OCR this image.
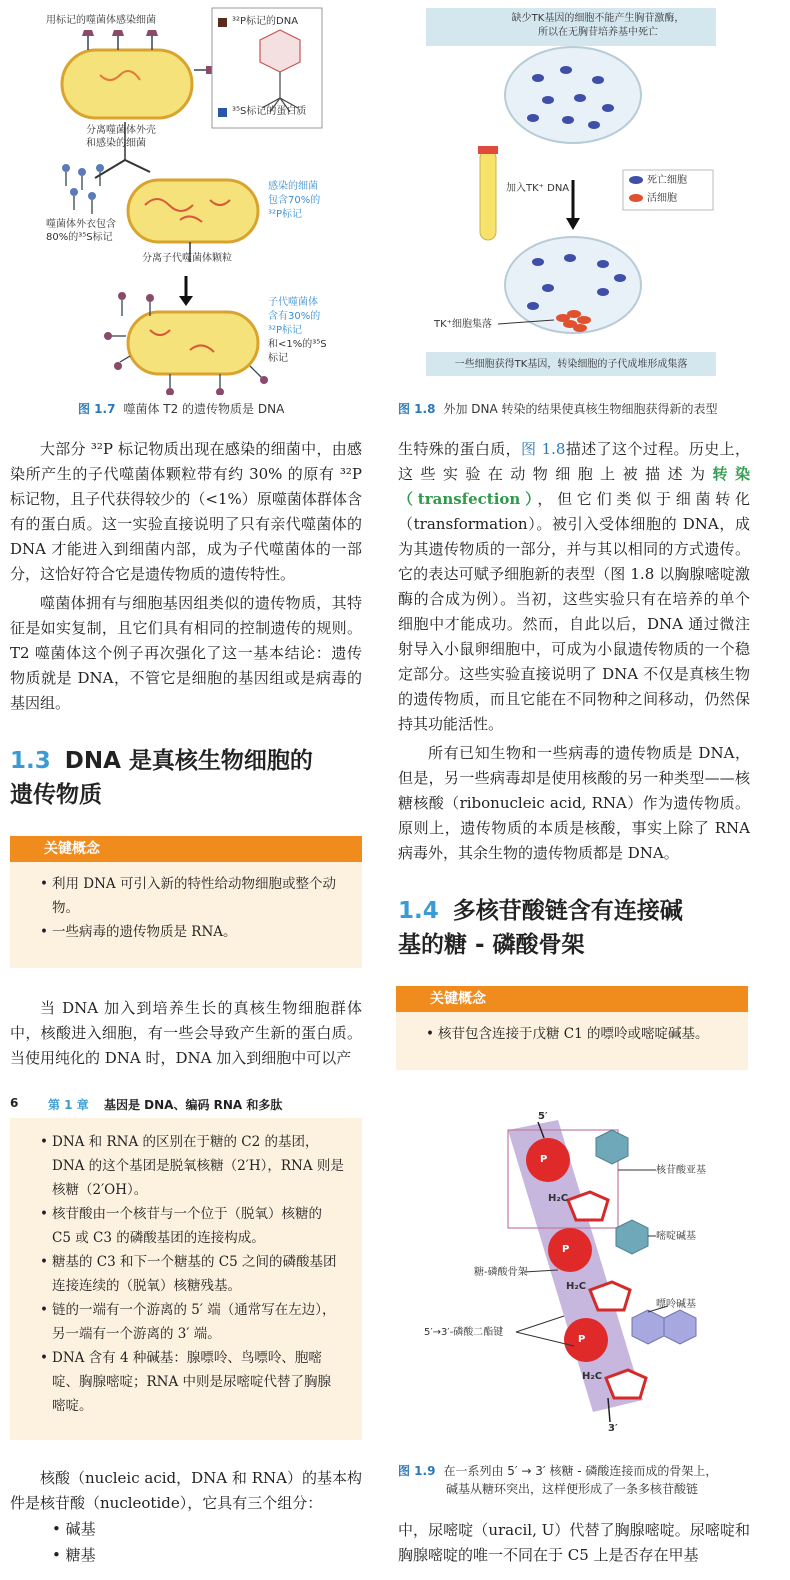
用标记的噬菌体感染细菌	³²P标记的DNA
³⁵S标记的蛋白质
分离噬菌体外壳
和感染的细菌
噬菌体外衣包含
80%的³⁵S标记
感染的细菌
包含70%的
³²P标记
分离子代噬菌体颗粒
子代噬菌体
含有30%的
³²P标记
和<1%的³⁵S
标记
图 1.7 噬菌体 T2 的遗传物质是 DNA
缺少TK基因的细胞不能产生胸苷激酶，
所以在无胸苷培养基中死亡
加入TK⁺ DNA
死亡细胞
活细胞
TK⁺细胞集落
一些细胞获得TK基因，转染细胞的子代成堆形成集落
图 1.8 外加 DNA 转染的结果使真核生物细胞获得新的表型

大部分 ³²P 标记物质出现在感染的细菌中，由感染所产生的子代噬菌体颗粒带有约 30% 的原有 ³²P 标记物，且子代获得较少的（<1%）原噬菌体群体含有的蛋白质。这一实验直接说明了只有亲代噬菌体的 DNA 才能进入到细菌内部，成为子代噬菌体的一部分，这恰好符合它是遗传物质的遗传特性。

噬菌体拥有与细胞基因组类似的遗传物质，其特征是如实复制，且它们具有相同的控制遗传的规则。T2 噬菌体这个例子再次强化了这一基本结论：遗传物质就是 DNA，不管它是细胞的基因组或是病毒的基因组。

1.3 DNA 是真核生物细胞的
遗传物质
关键概念
• 利用 DNA 可引入新的特性给动物细胞或整个动物。
• 一些病毒的遗传物质是 RNA。

当 DNA 加入到培养生长的真核生物细胞群体中，核酸进入细胞，有一些会导致产生新的蛋白质。当使用纯化的 DNA 时，DNA 加入到细胞中可以产

生特殊的蛋白质，图 1.8描述了这个过程。历史上，这些实验在动物细胞上被描述为转染（transfection），但它们类似于细菌转化（transformation）。被引入受体细胞的 DNA，成为其遗传物质的一部分，并与其以相同的方式遗传。它的表达可赋予细胞新的表型（图 1.8 以胸腺嘧啶激酶的合成为例）。当初，这些实验只有在培养的单个细胞中才能成功。然而，自此以后，DNA 通过微注射导入小鼠卵细胞中，可成为小鼠遗传物质的一个稳定部分。这些实验直接说明了 DNA 不仅是真核生物的遗传物质，而且它能在不同物种之间移动，仍然保持其功能活性。

所有已知生物和一些病毒的遗传物质是 DNA，但是，另一些病毒却是使用核酸的另一种类型——核糖核酸（ribonucleic acid, RNA）作为遗传物质。原则上，遗传物质的本质是核酸，事实上除了 RNA 病毒外，其余生物的遗传物质都是 DNA。

1.4 多核苷酸链含有连接碱
基的糖 - 磷酸骨架
关键概念
• 核苷包含连接于戊糖 C1 的嘌呤或嘧啶碱基。
6 第 1 章 基因是 DNA、编码 RNA 和多肽
• DNA 和 RNA 的区别在于糖的 C2 的基团，DNA 的这个基团是脱氧核糖（2′H），RNA 则是核糖（2′OH）。
• 核苷酸由一个核苷与一个位于（脱氧）核糖的 C5 或 C3 的磷酸基团的连接构成。
• 糖基的 C3 和下一个糖基的 C5 之间的磷酸基团连接连续的（脱氧）核糖残基。
• 链的一端有一个游离的 5′ 端（通常写在左边），另一端有一个游离的 3′ 端。
• DNA 含有 4 种碱基：腺嘌呤、鸟嘌呤、胞嘧啶、胸腺嘧啶；RNA 中则是尿嘧啶代替了胸腺嘧啶。

核酸（nucleic acid，DNA 和 RNA）的基本构件是核苷酸（nucleotide），它具有三个组分：

• 碱基
• 糖基
5′
3′
核苷酸亚基
嘧啶碱基
糖-磷酸骨架
嘌呤碱基
5′→3′-磷酸二酯键
P
P
P
H₂C
H₂C
H₂C
图 1.9 在一系列由 5′ → 3′ 核糖 - 磷酸连接而成的骨架上，
碱基从糖环突出，这样便形成了一条多核苷酸链

中，尿嘧啶（uracil, U）代替了胸腺嘧啶。尿嘧啶和胸腺嘧啶的唯一不同在于 C5 上是否存在甲基
